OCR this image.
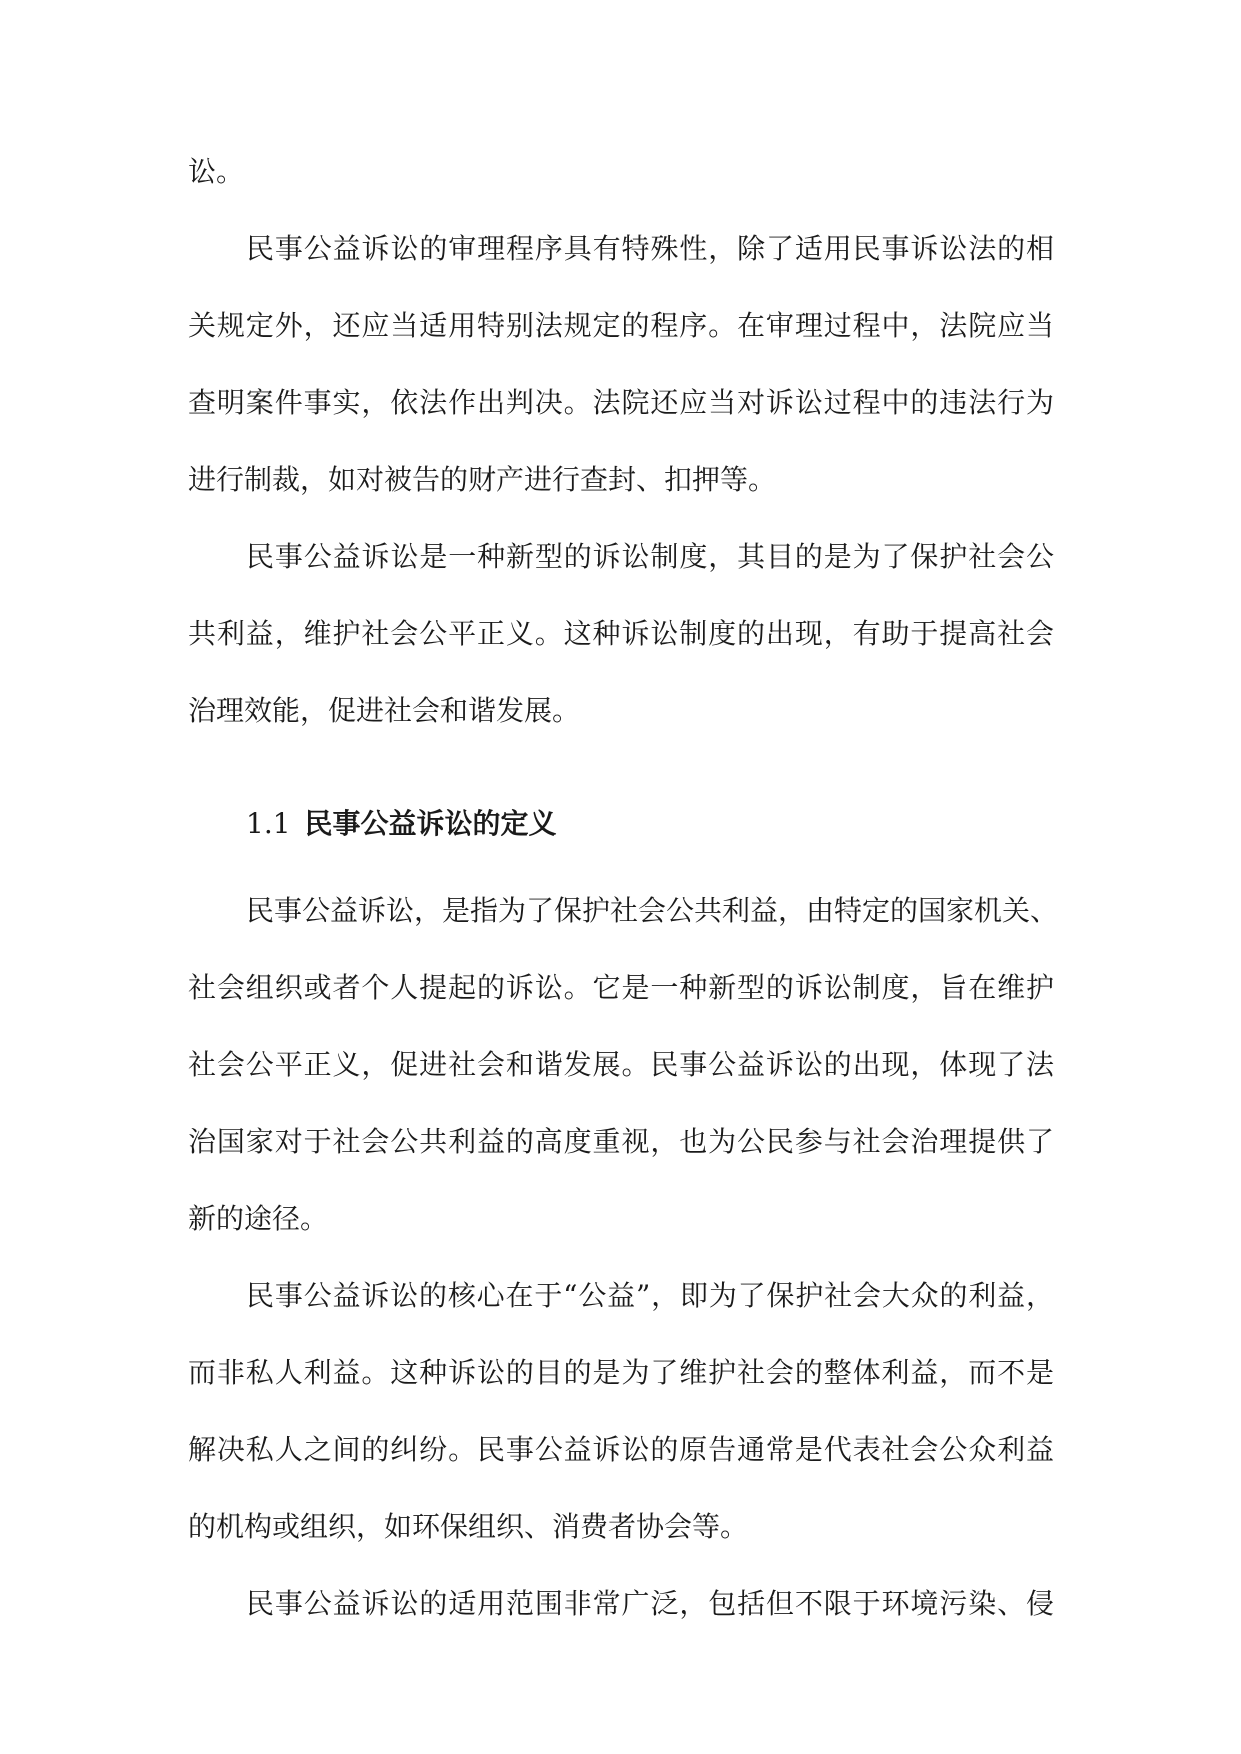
讼。
民事公益诉讼的审理程序具有特殊性，除了适用民事诉讼法的相
关规定外，还应当适用特别法规定的程序。在审理过程中，法院应当
查明案件事实，依法作出判决。法院还应当对诉讼过程中的违法行为
进行制裁，如对被告的财产进行查封、扣押等。
民事公益诉讼是一种新型的诉讼制度，其目的是为了保护社会公
共利益，维护社会公平正义。这种诉讼制度的出现，有助于提高社会
治理效能，促进社会和谐发展。
1.1 民事公益诉讼的定义
民事公益诉讼，是指为了保护社会公共利益，由特定的国家机关、
社会组织或者个人提起的诉讼。它是一种新型的诉讼制度，旨在维护
社会公平正义，促进社会和谐发展。民事公益诉讼的出现，体现了法
治国家对于社会公共利益的高度重视，也为公民参与社会治理提供了
新的途径。
民事公益诉讼的核心在于“公益”，即为了保护社会大众的利益，
而非私人利益。这种诉讼的目的是为了维护社会的整体利益，而不是
解决私人之间的纠纷。民事公益诉讼的原告通常是代表社会公众利益
的机构或组织，如环保组织、消费者协会等。
民事公益诉讼的适用范围非常广泛，包括但不限于环境污染、侵
